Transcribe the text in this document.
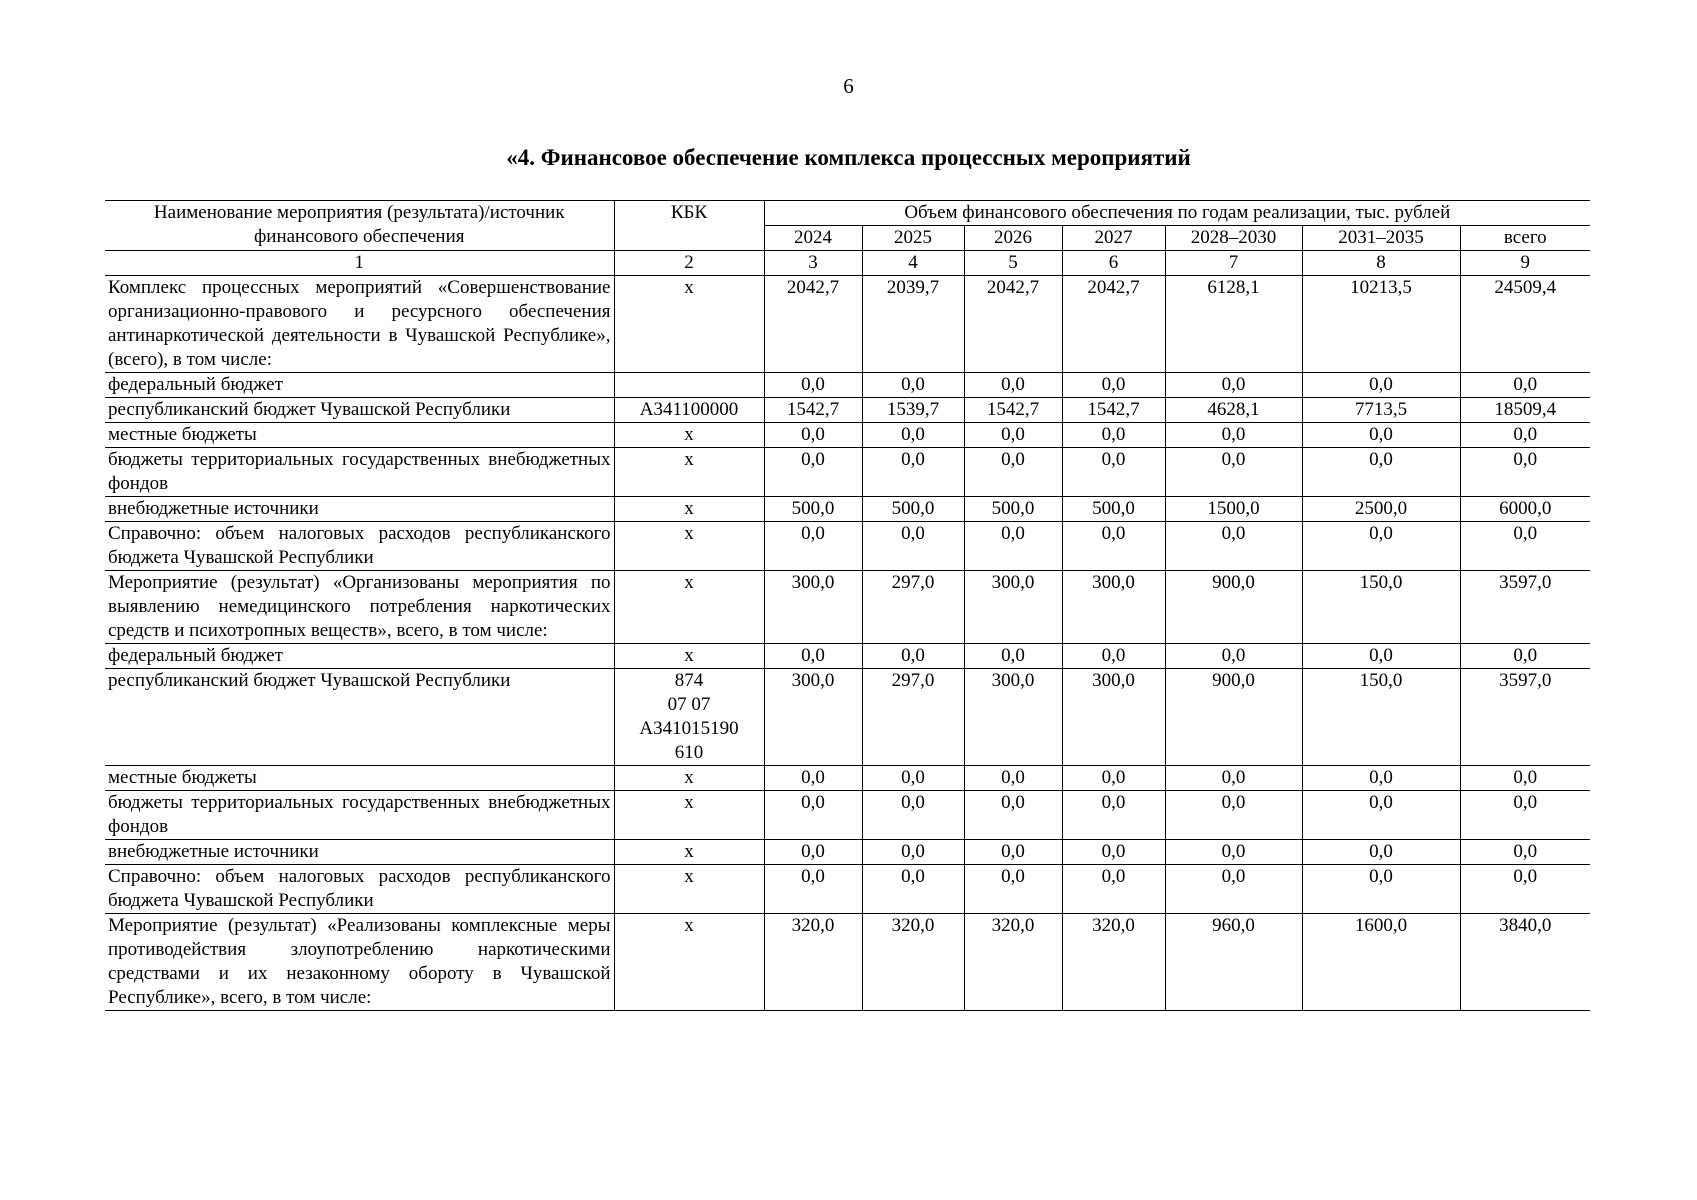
6
«4. Финансовое обеспечение комплекса процессных мероприятий
Наименование мероприятия (результата)/источник финансового обеспечения	КБК	Объем финансового обеспечения по годам реализации, тыс. рублей						
		2024	2025	2026	2027	2028–2030	2031–2035	всего
1	2	3	4	5	6	7	8	9
Комплекс процессных мероприятий «Совершенствование организационно-правового и ресурсного обеспечения антинаркотической деятельности в Чувашской Республике», (всего), в том числе:	x	2042,7	2039,7	2042,7	2042,7	6128,1	10213,5	24509,4
федеральный бюджет		0,0	0,0	0,0	0,0	0,0	0,0	0,0
республиканский бюджет Чувашской Республики	А341100000	1542,7	1539,7	1542,7	1542,7	4628,1	7713,5	18509,4
местные бюджеты	x	0,0	0,0	0,0	0,0	0,0	0,0	0,0
бюджеты территориальных государственных внебюджетных фондов	x	0,0	0,0	0,0	0,0	0,0	0,0	0,0
внебюджетные источники	x	500,0	500,0	500,0	500,0	1500,0	2500,0	6000,0
Справочно: объем налоговых расходов республиканского бюджета Чувашской Республики	x	0,0	0,0	0,0	0,0	0,0	0,0	0,0
Мероприятие (результат) «Организованы мероприятия по выявлению немедицинского потребления наркотических средств и психотропных веществ», всего, в том числе:	x	300,0	297,0	300,0	300,0	900,0	150,0	3597,0
федеральный бюджет	x	0,0	0,0	0,0	0,0	0,0	0,0	0,0
республиканский бюджет Чувашской Республики	874
07 07
А341015190
610	300,0	297,0	300,0	300,0	900,0	150,0	3597,0
местные бюджеты	x	0,0	0,0	0,0	0,0	0,0	0,0	0,0
бюджеты территориальных государственных внебюджетных фондов	x	0,0	0,0	0,0	0,0	0,0	0,0	0,0
внебюджетные источники	x	0,0	0,0	0,0	0,0	0,0	0,0	0,0
Справочно: объем налоговых расходов республиканского бюджета Чувашской Республики	x	0,0	0,0	0,0	0,0	0,0	0,0	0,0
Мероприятие (результат) «Реализованы комплексные меры противодействия злоупотреблению наркотическими средствами и их незаконному обороту в Чувашской Республике», всего, в том числе:	x	320,0	320,0	320,0	320,0	960,0	1600,0	3840,0
